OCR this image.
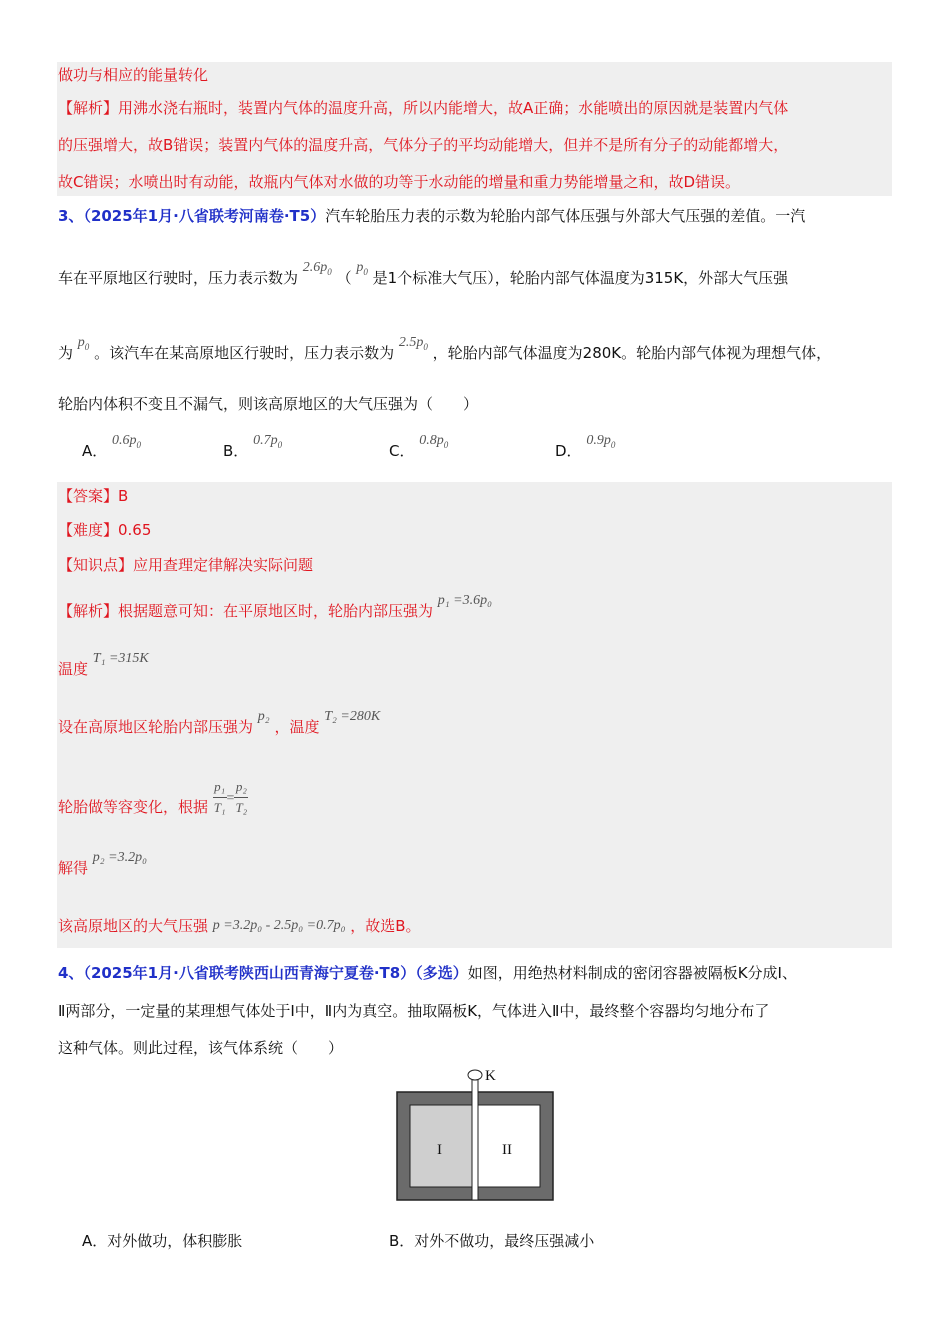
做功与相应的能量转化
【解析】用沸水浇右瓶时，装置内气体的温度升高，所以内能增大，故A正确；水能喷出的原因就是装置内气体
的压强增大，故B错误；装置内气体的温度升高，气体分子的平均动能增大，但并不是所有分子的动能都增大，
故C错误；水喷出时有动能，故瓶内气体对水做的功等于水动能的增量和重力势能增量之和，故D错误。
3、（2025年1月·八省联考河南卷·T5）汽车轮胎压力表的示数为轮胎内部气体压强与外部大气压强的差值。一汽
车在平原地区行驶时，压力表示数为 $2.6p_0$ （ $p_0$ 是1个标准大气压），轮胎内部气体温度为315K，外部大气压强
为 $p_0$ 。该汽车在某高原地区行驶时，压力表示数为 $2.5p_0$ ，轮胎内部气体温度为280K。轮胎内部气体视为理想气体，
轮胎内体积不变且不漏气，则该高原地区的大气压强为（　　）
A． $0.6p_0$	B． $0.7p_0$	C． $0.8p_0$	D． $0.9p_0$
【答案】B
【难度】0.65
【知识点】应用查理定律解决实际问题
【解析】根据题意可知：在平原地区时，轮胎内部压强为 p₁ =3.6p₀
温度 T₁ =315K
设在高原地区轮胎内部压强为 p₂ ，温度 T₂ =280K
轮胎做等容变化，根据 $\frac{\text{p₁}}{\text{T₁}} = \frac{\text{p₂}}{\text{T₂}}$
解得 p₂ =3.2p₀
该高原地区的大气压强 p =3.2p₀ - 2.5p₀ =0.7p₀ ，故选B。
4、（2025年1月·八省联考陕西山西青海宁夏卷·T8）（多选）如图，用绝热材料制成的密闭容器被隔板K分成Ⅰ、
Ⅱ两部分，一定量的某理想气体处于Ⅰ中，Ⅱ内为真空。抽取隔板K，气体进入Ⅱ中，最终整个容器均匀地分布了
这种气体。则此过程，该气体系统（　　）
K
I	II
A．对外做功，体积膨胀	B．对外不做功，最终压强减小
